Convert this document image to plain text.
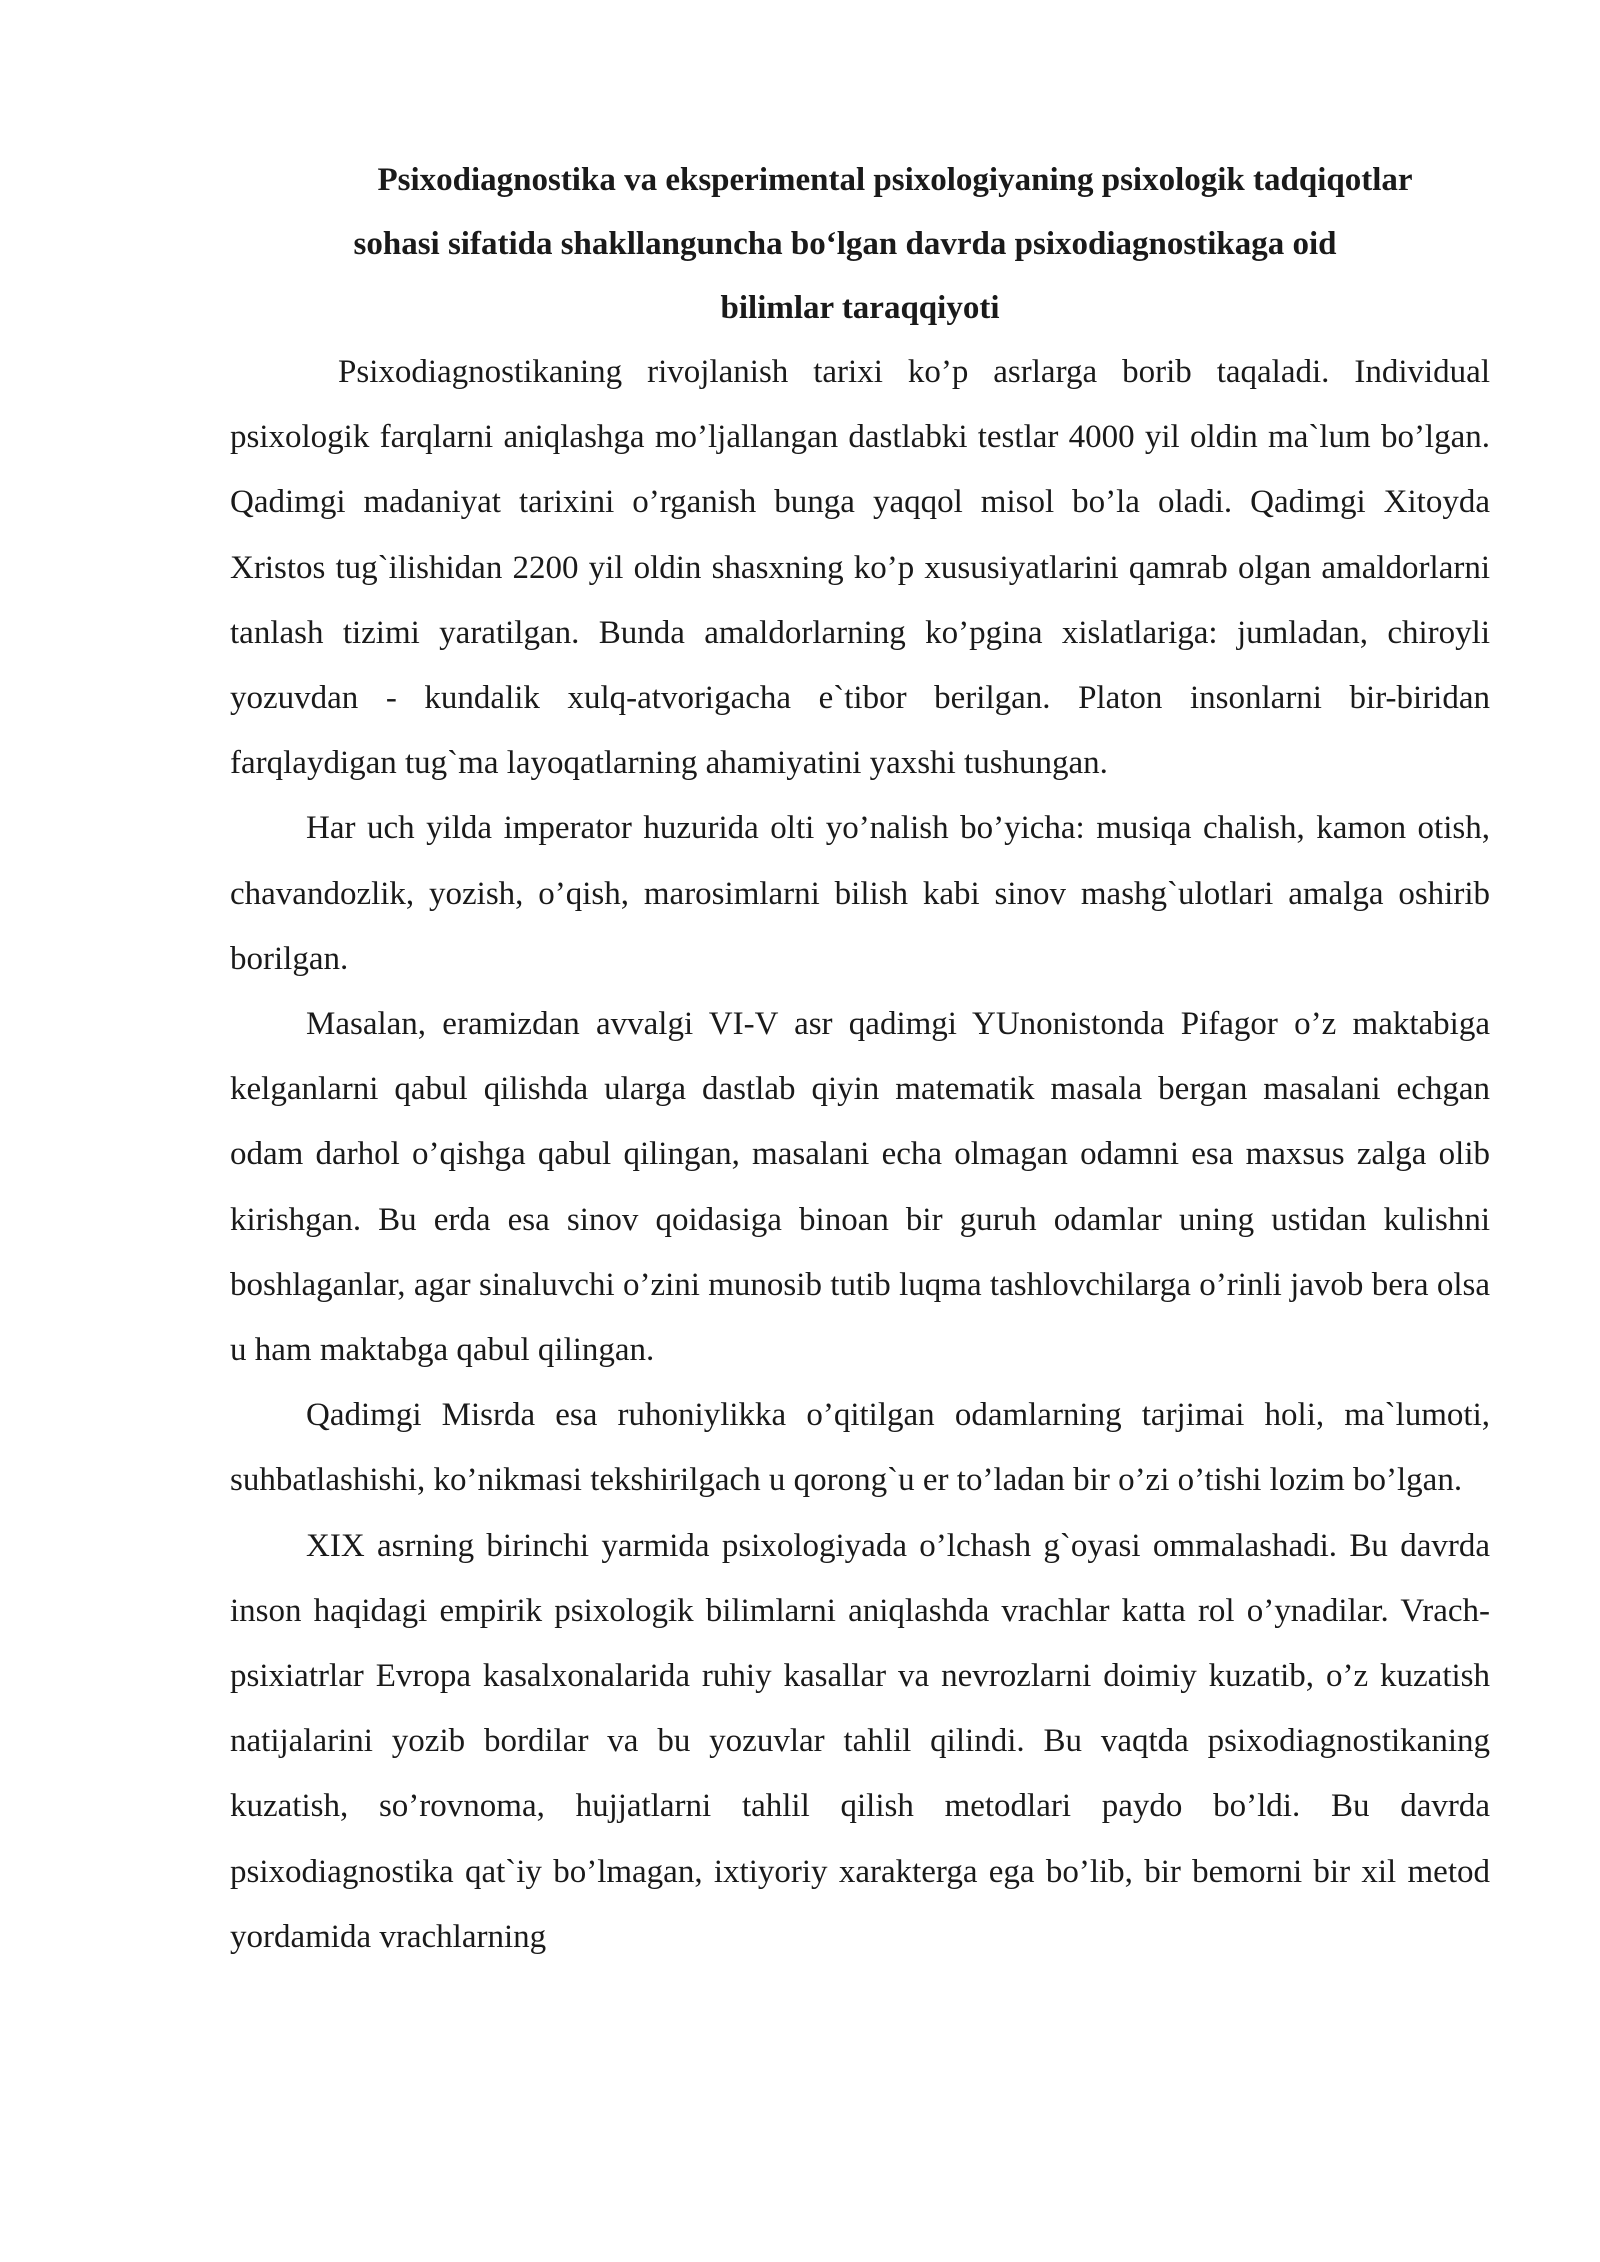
Psixodiagnostika va eksperimental psixologiyaning psixologik tadqiqotlar
sohasi sifatida shakllanguncha bo‘lgan davrda psixodiagnostikaga oid
bilimlar taraqqiyoti

Psixodiagnostikaning rivojlanish tarixi ko’p asrlarga borib taqaladi. Individual psixologik farqlarni aniqlashga mo’ljallangan dastlabki testlar 4000 yil oldin ma`lum bo’lgan. Qadimgi madaniyat tarixini o’rganish bunga yaqqol misol bo’la oladi. Qadimgi Xitoyda Xristos tug`ilishidan 2200 yil oldin shasxning ko’p xususiyatlarini qamrab olgan amaldorlarni tanlash tizimi yaratilgan. Bunda amaldorlarning ko’pgina xislatlariga: jumladan, chiroyli yozuvdan - kundalik xulq-atvorigacha e`tibor berilgan. Platon insonlarni bir-biridan farqlaydigan tug`ma layoqatlarning ahamiyatini yaxshi tushungan.

Har uch yilda imperator huzurida olti yo’nalish bo’yicha: musiqa chalish, kamon otish, chavandozlik, yozish, o’qish, marosimlarni bilish kabi sinov mashg`ulotlari amalga oshirib borilgan.

Masalan, eramizdan avvalgi VI-V asr qadimgi YUnonistonda Pifagor o’z maktabiga kelganlarni qabul qilishda ularga dastlab qiyin matematik masala bergan masalani echgan odam darhol o’qishga qabul qilingan, masalani echa olmagan odamni esa maxsus zalga olib kirishgan. Bu erda esa sinov qoidasiga binoan bir guruh odamlar uning ustidan kulishni boshlaganlar, agar sinaluvchi o’zini munosib tutib luqma tashlovchilarga o’rinli javob bera olsa u ham maktabga qabul qilingan.

Qadimgi Misrda esa ruhoniylikka o’qitilgan odamlarning tarjimai holi, ma`lumoti, suhbatlashishi, ko’nikmasi tekshirilgach u qorong`u er to’ladan bir o’zi o’tishi lozim bo’lgan.

XIX asrning birinchi yarmida psixologiyada o’lchash g`oyasi ommalashadi. Bu davrda inson haqidagi empirik psixologik bilimlarni aniqlashda vrachlar katta rol o’ynadilar. Vrach-psixiatrlar Evropa kasalxonalarida ruhiy kasallar va nevrozlarni doimiy kuzatib, o’z kuzatish natijalarini yozib bordilar va bu yozuvlar tahlil qilindi. Bu vaqtda psixodiagnostikaning kuzatish, so’rovnoma, hujjatlarni tahlil qilish metodlari paydo bo’ldi. Bu davrda psixodiagnostika qat`iy bo’lmagan, ixtiyoriy xarakterga ega bo’lib, bir bemorni bir xil metod yordamida vrachlarning
